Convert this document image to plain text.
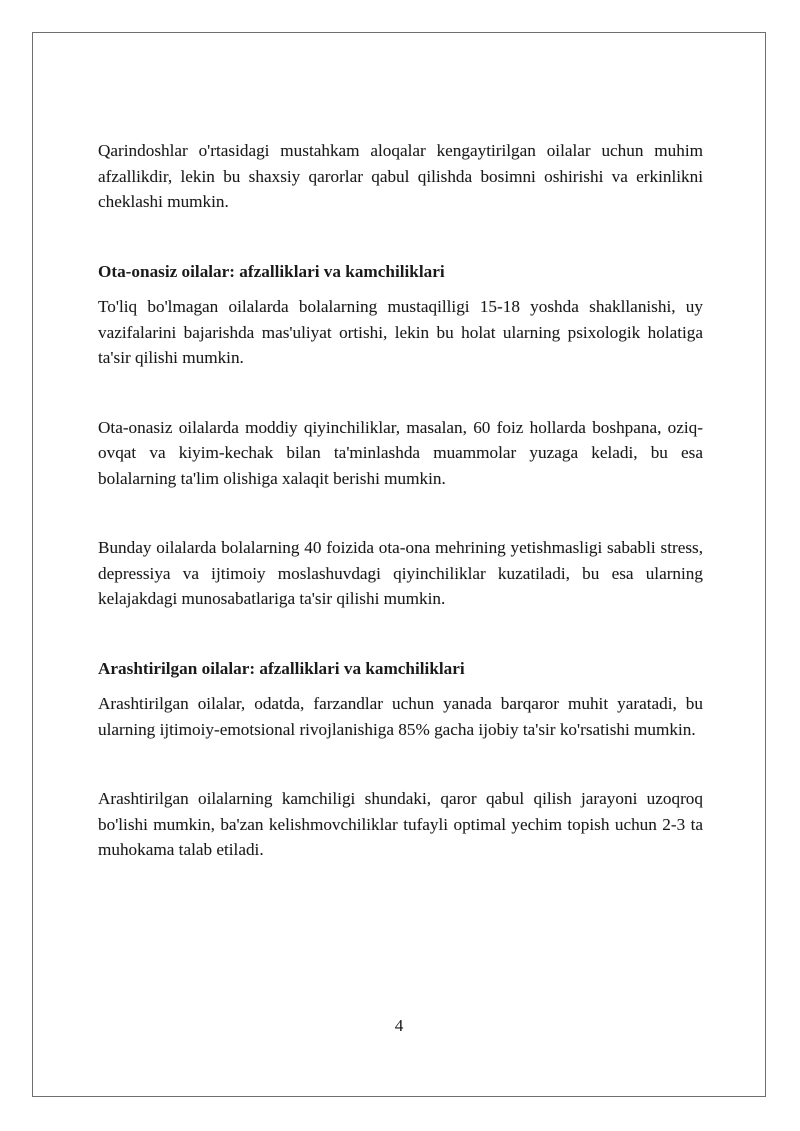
Qarindoshlar o'rtasidagi mustahkam aloqalar kengaytirilgan oilalar uchun muhim afzallikdir, lekin bu shaxsiy qarorlar qabul qilishda bosimni oshirishi va erkinlikni cheklashi mumkin.

Ota-onasiz oilalar: afzalliklari va kamchiliklari

To'liq bo'lmagan oilalarda bolalarning mustaqilligi 15-18 yoshda shakllanishi, uy vazifalarini bajarishda mas'uliyat ortishi, lekin bu holat ularning psixologik holatiga ta'sir qilishi mumkin.

Ota-onasiz oilalarda moddiy qiyinchiliklar, masalan, 60 foiz hollarda boshpana, oziq-ovqat va kiyim-kechak bilan ta'minlashda muammolar yuzaga keladi, bu esa bolalarning ta'lim olishiga xalaqit berishi mumkin.

Bunday oilalarda bolalarning 40 foizida ota-ona mehrining yetishmasligi sababli stress, depressiya va ijtimoiy moslashuvdagi qiyinchiliklar kuzatiladi, bu esa ularning kelajakdagi munosabatlariga ta'sir qilishi mumkin.

Arashtirilgan oilalar: afzalliklari va kamchiliklari

Arashtirilgan oilalar, odatda, farzandlar uchun yanada barqaror muhit yaratadi, bu ularning ijtimoiy-emotsional rivojlanishiga 85% gacha ijobiy ta'sir ko'rsatishi mumkin.

Arashtirilgan oilalarning kamchiligi shundaki, qaror qabul qilish jarayoni uzoqroq bo'lishi mumkin, ba'zan kelishmovchiliklar tufayli optimal yechim topish uchun 2-3 ta muhokama talab etiladi.

4
